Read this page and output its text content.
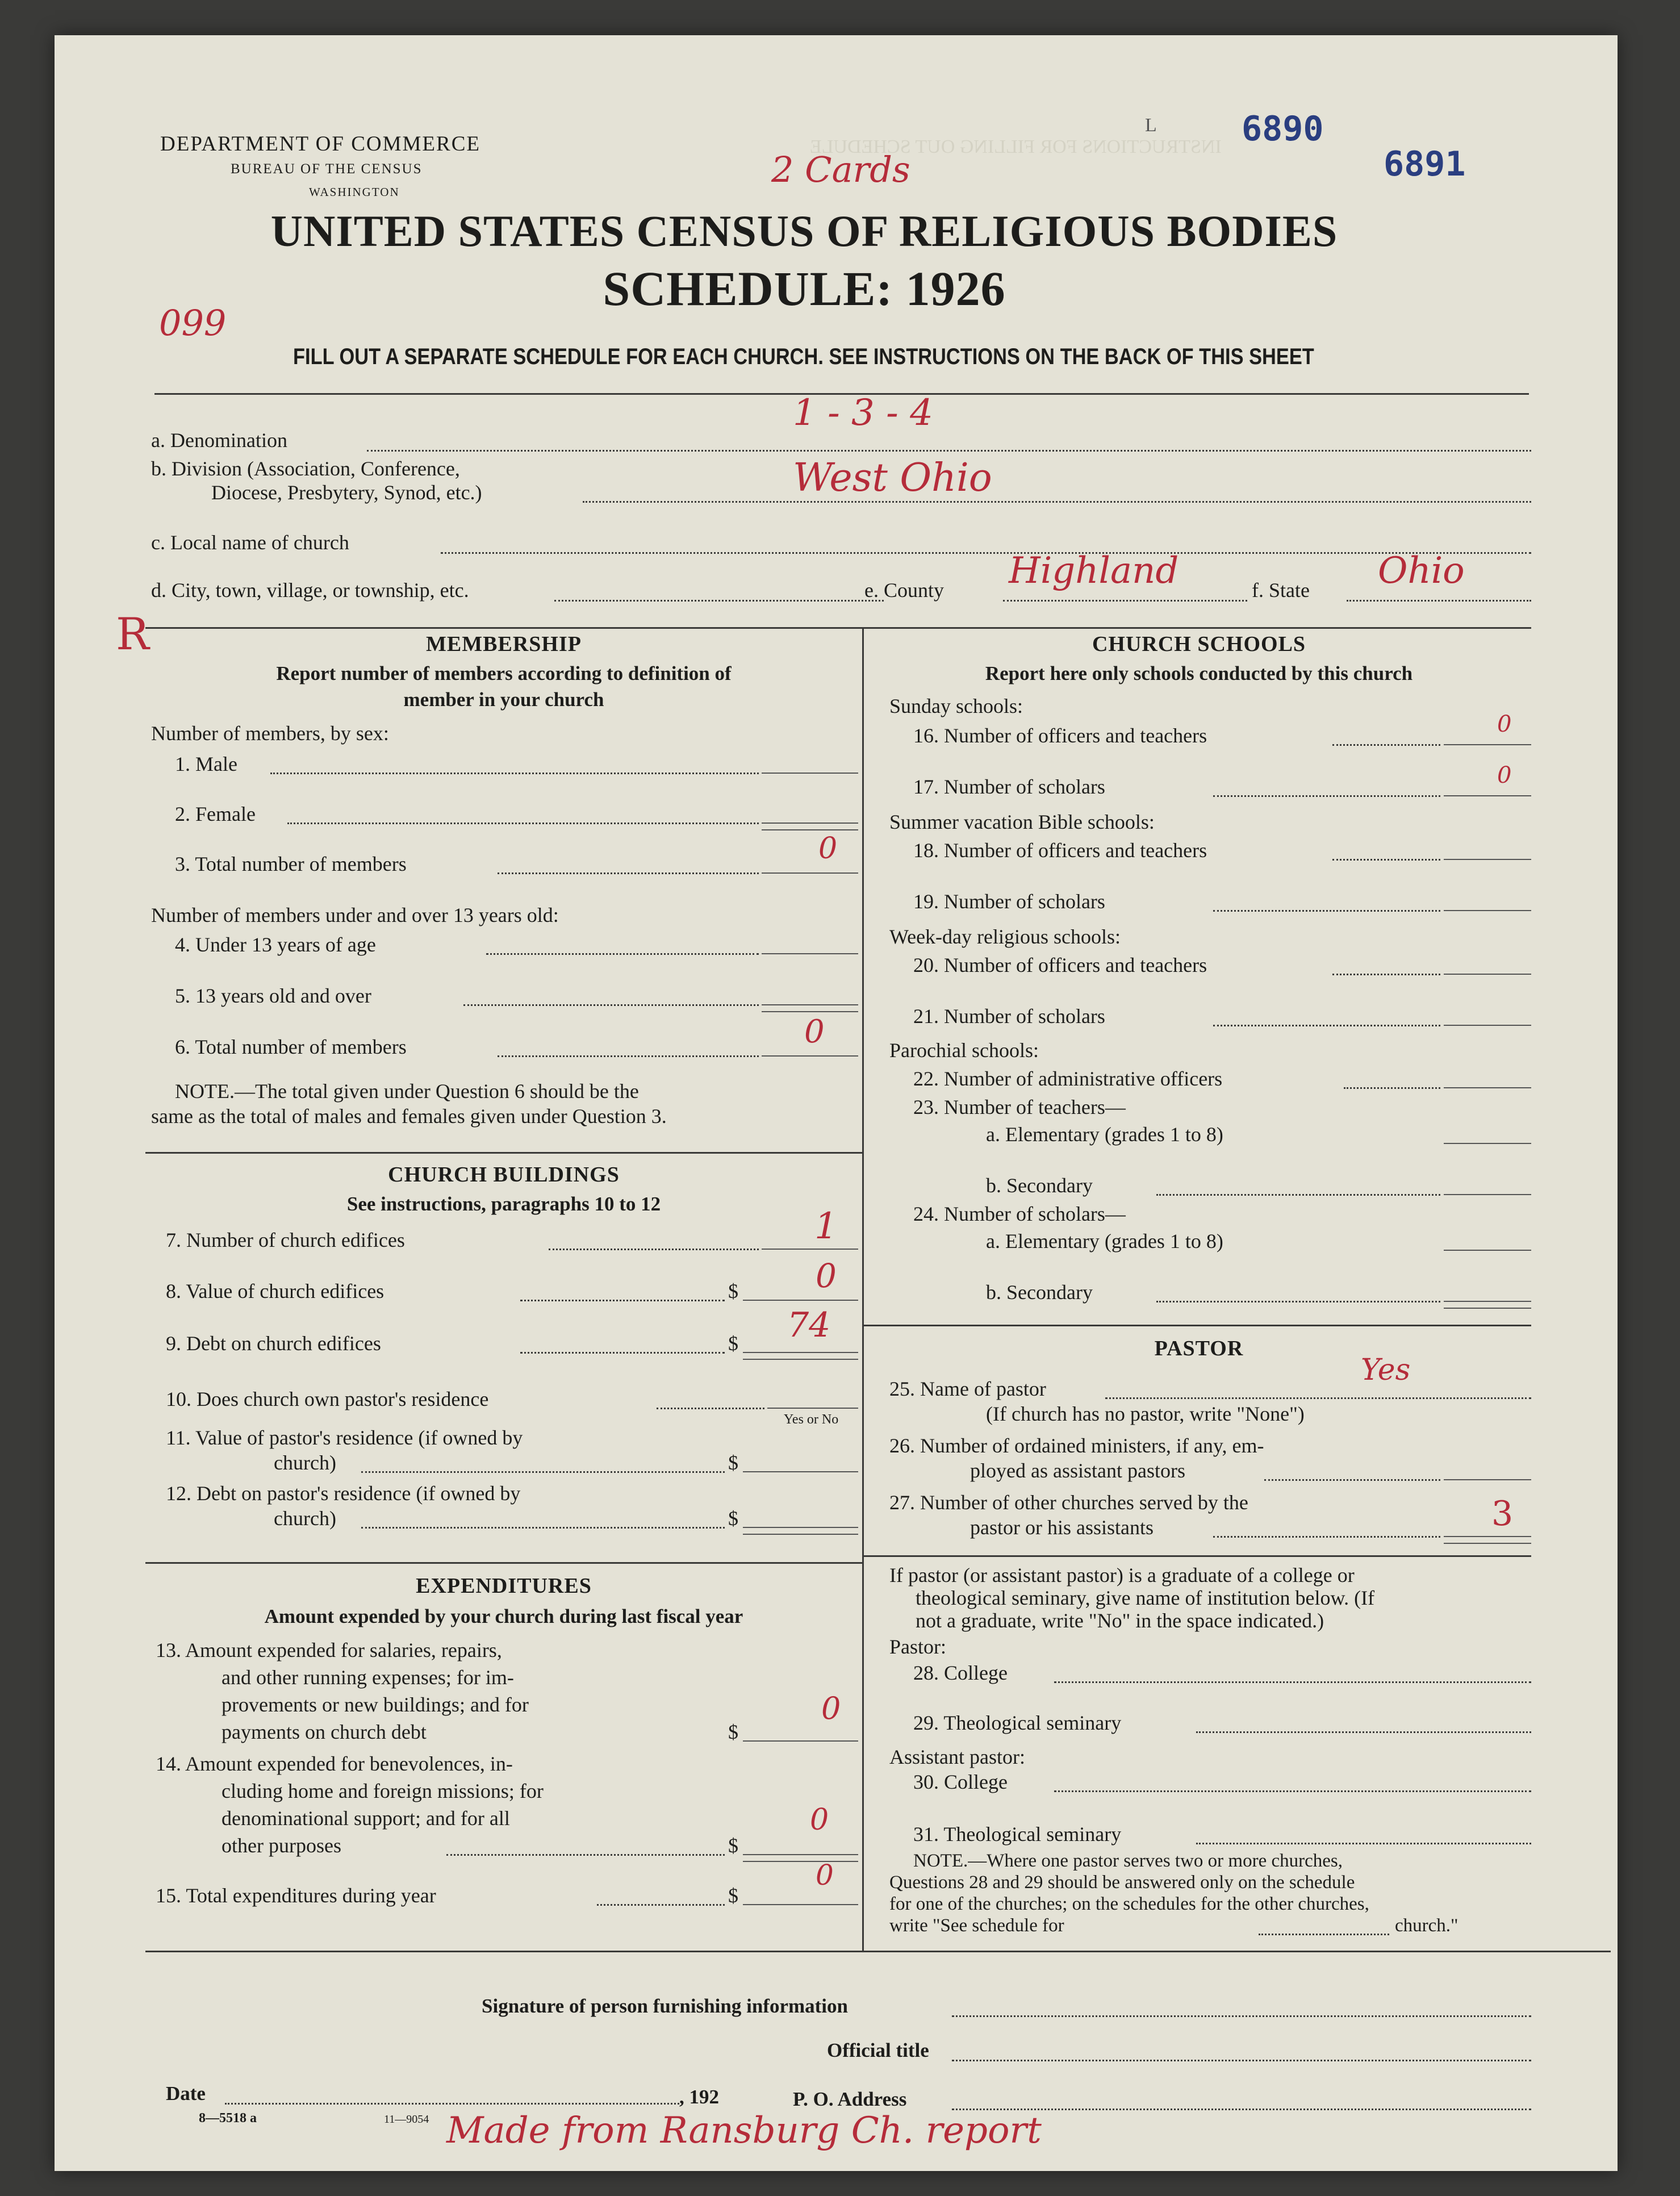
INSTRUCTIONS FOR FILLING OUT SCHEDULE
DEPARTMENT OF COMMERCE
BUREAU OF THE CENSUS
WASHINGTON
2 Cards
L 6890
6891
UNITED STATES CENSUS OF RELIGIOUS BODIES
SCHEDULE: 1926
099
FILL OUT A SEPARATE SCHEDULE FOR EACH CHURCH. SEE INSTRUCTIONS ON THE BACK OF THIS SHEET
a. Denomination
1 - 3 - 4
b. Division (Association, Conference,
Diocese, Presbytery, Synod, etc.)	West Ohio
c. Local name of church
d. City, town, village, or township, etc.	e. County Highland	f. State Ohio
R	MEMBERSHIP
Report number of members according to definition of
member in your church
Number of members, by sex:
1. Male
2. Female
3. Total number of members	0
Number of members under and over 13 years old:
4. Under 13 years of age
5. 13 years old and over
6. Total number of members	0
NOTE.—The total given under Question 6 should be the
same as the total of males and females given under Question 3.
CHURCH BUILDINGS
See instructions, paragraphs 10 to 12
7. Number of church edifices	1
8. Value of church edifices	$ 0
9. Debt on church edifices	$ 74
10. Does church own pastor's residence
Yes or No
11. Value of pastor's residence (if owned by
church)	$
12. Debt on pastor's residence (if owned by
church)	$
EXPENDITURES
Amount expended by your church during last fiscal year
13. Amount expended for salaries, repairs,
and other running expenses; for im-
provements or new buildings; and for
payments on church debt	$
0
14. Amount expended for benevolences, in-
cluding home and foreign missions; for
denominational support; and for all
other purposes	$
0
15. Total expenditures during year	$
0
CHURCH SCHOOLS
Report here only schools conducted by this church
Sunday schools:
16. Number of officers and teachers	0
17. Number of scholars	0
Summer vacation Bible schools:
18. Number of officers and teachers
19. Number of scholars
Week-day religious schools:
20. Number of officers and teachers
21. Number of scholars
Parochial schools:
22. Number of administrative officers
23. Number of teachers—
a. Elementary (grades 1 to 8)
b. Secondary
24. Number of scholars—
a. Elementary (grades 1 to 8)
b. Secondary
PASTOR
25. Name of pastor
Yes
(If church has no pastor, write "None")
26. Number of ordained ministers, if any, em-
ployed as assistant pastors
27. Number of other churches served by the
pastor or his assistants	3
If pastor (or assistant pastor) is a graduate of a college or
theological seminary, give name of institution below. (If
not a graduate, write "No" in the space indicated.)
Pastor:
28. College
29. Theological seminary
Assistant pastor:
30. College
31. Theological seminary
NOTE.—Where one pastor serves two or more churches,
Questions 28 and 29 should be answered only on the schedule
for one of the churches; on the schedules for the other churches,
write "See schedule for	church."
Signature of person furnishing information
Official title
Date	, 192	P. O. Address
8—5518 a	11—9054 Made from Ransburg Ch. report
